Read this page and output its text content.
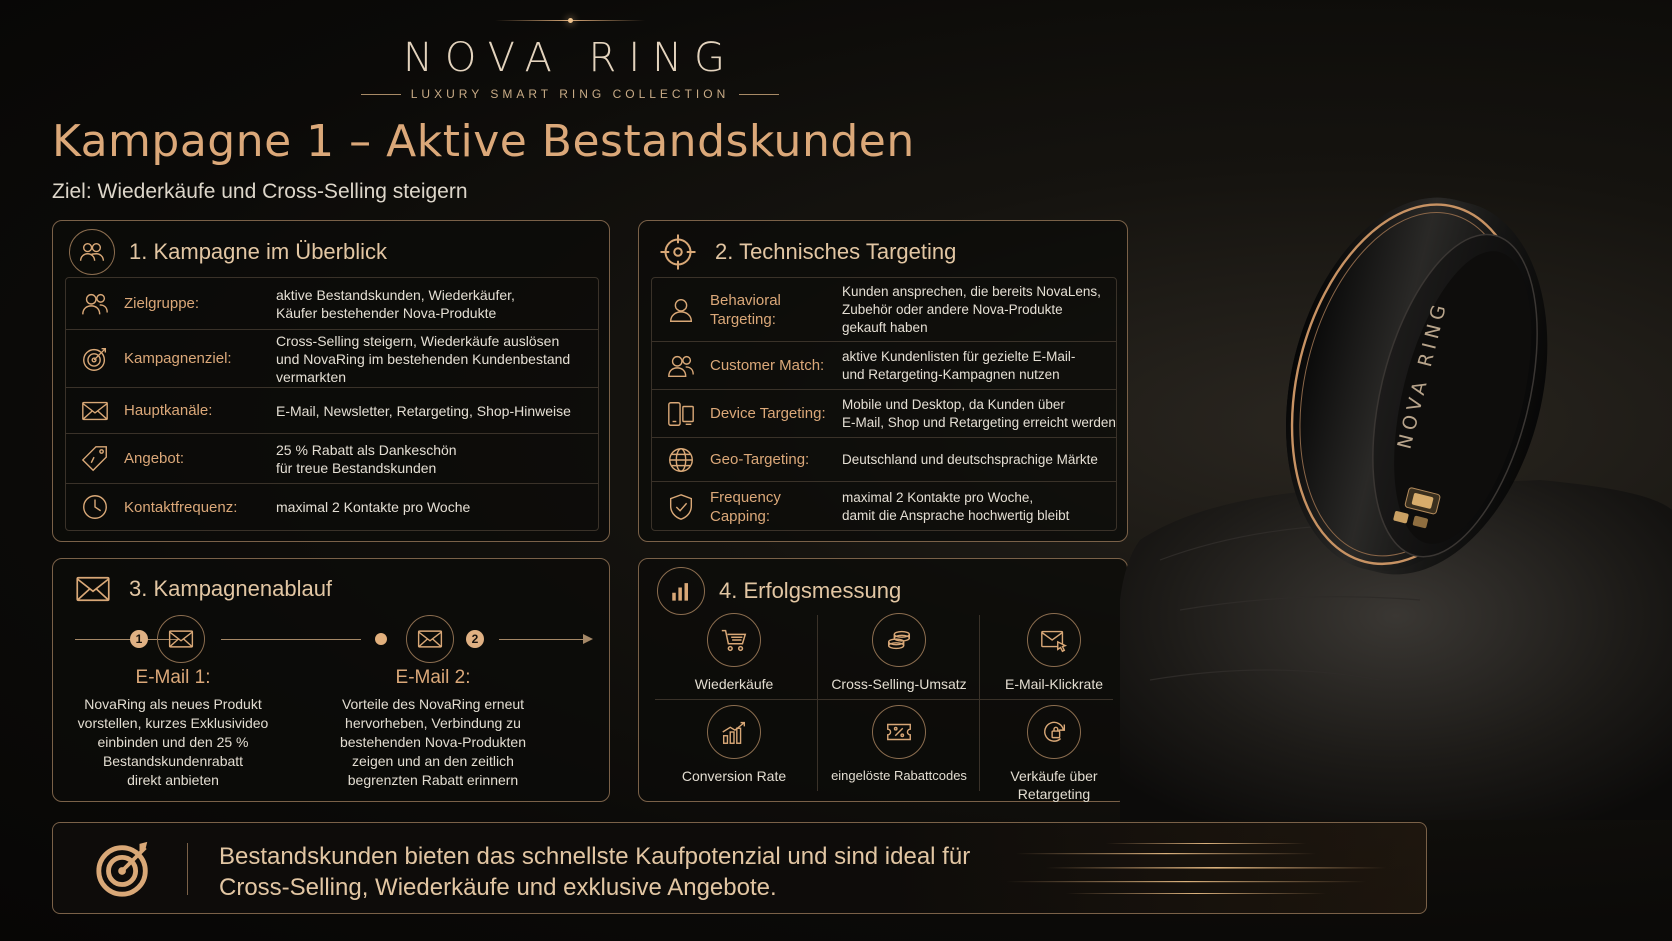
NOVA RING
LUXURY SMART RING COLLECTION
Kampagne 1 – Aktive Bestandskunden
Ziel: Wiederkäufe und Cross-Selling steigern
1. Kampagne im Überblick
Zielgruppe:
aktive Bestandskunden, Wiederkäufer,
Käufer bestehender Nova-Produkte
Kampagnenziel:
Cross-Selling steigern, Wiederkäufe auslösen
und NovaRing im bestehenden Kundenbestand
vermarkten
Hauptkanäle:	E-Mail, Newsletter, Retargeting, Shop-Hinweise
Angebot:
25 % Rabatt als Dankeschön
für treue Bestandskunden
Kontaktfrequenz:	maximal 2 Kontakte pro Woche
2. Technisches Targeting
Behavioral
Targeting:
Kunden ansprechen, die bereits NovaLens,
Zubehör oder andere Nova-Produkte
gekauft haben
Customer Match:
aktive Kundenlisten für gezielte E-Mail-
und Retargeting-Kampagnen nutzen
Device Targeting:
Mobile und Desktop, da Kunden über
E-Mail, Shop und Retargeting erreicht werden
Geo-Targeting:	Deutschland und deutschsprachige Märkte
Frequency
Capping:
maximal 2 Kontakte pro Woche,
damit die Ansprache hochwertig bleibt
3. Kampagnenablauf
1	2
E-Mail 1:
NovaRing als neues Produkt
vorstellen, kurzes Exklusivideo
einbinden und den 25 %
Bestandskundenrabatt
direkt anbieten
E-Mail 2:
Vorteile des NovaRing erneut
hervorheben, Verbindung zu
bestehenden Nova-Produkten
zeigen und an den zeitlich
begrenzten Rabatt erinnern
4. Erfolgsmessung
Wiederkäufe	Cross-Selling-Umsatz	E-Mail-Klickrate
Conversion Rate	eingelöste Rabattcodes	Verkäufe über
Retargeting
NOVA RING
Bestandskunden bieten das schnellste Kaufpotenzial und sind ideal für
Cross-Selling, Wiederkäufe und exklusive Angebote.
